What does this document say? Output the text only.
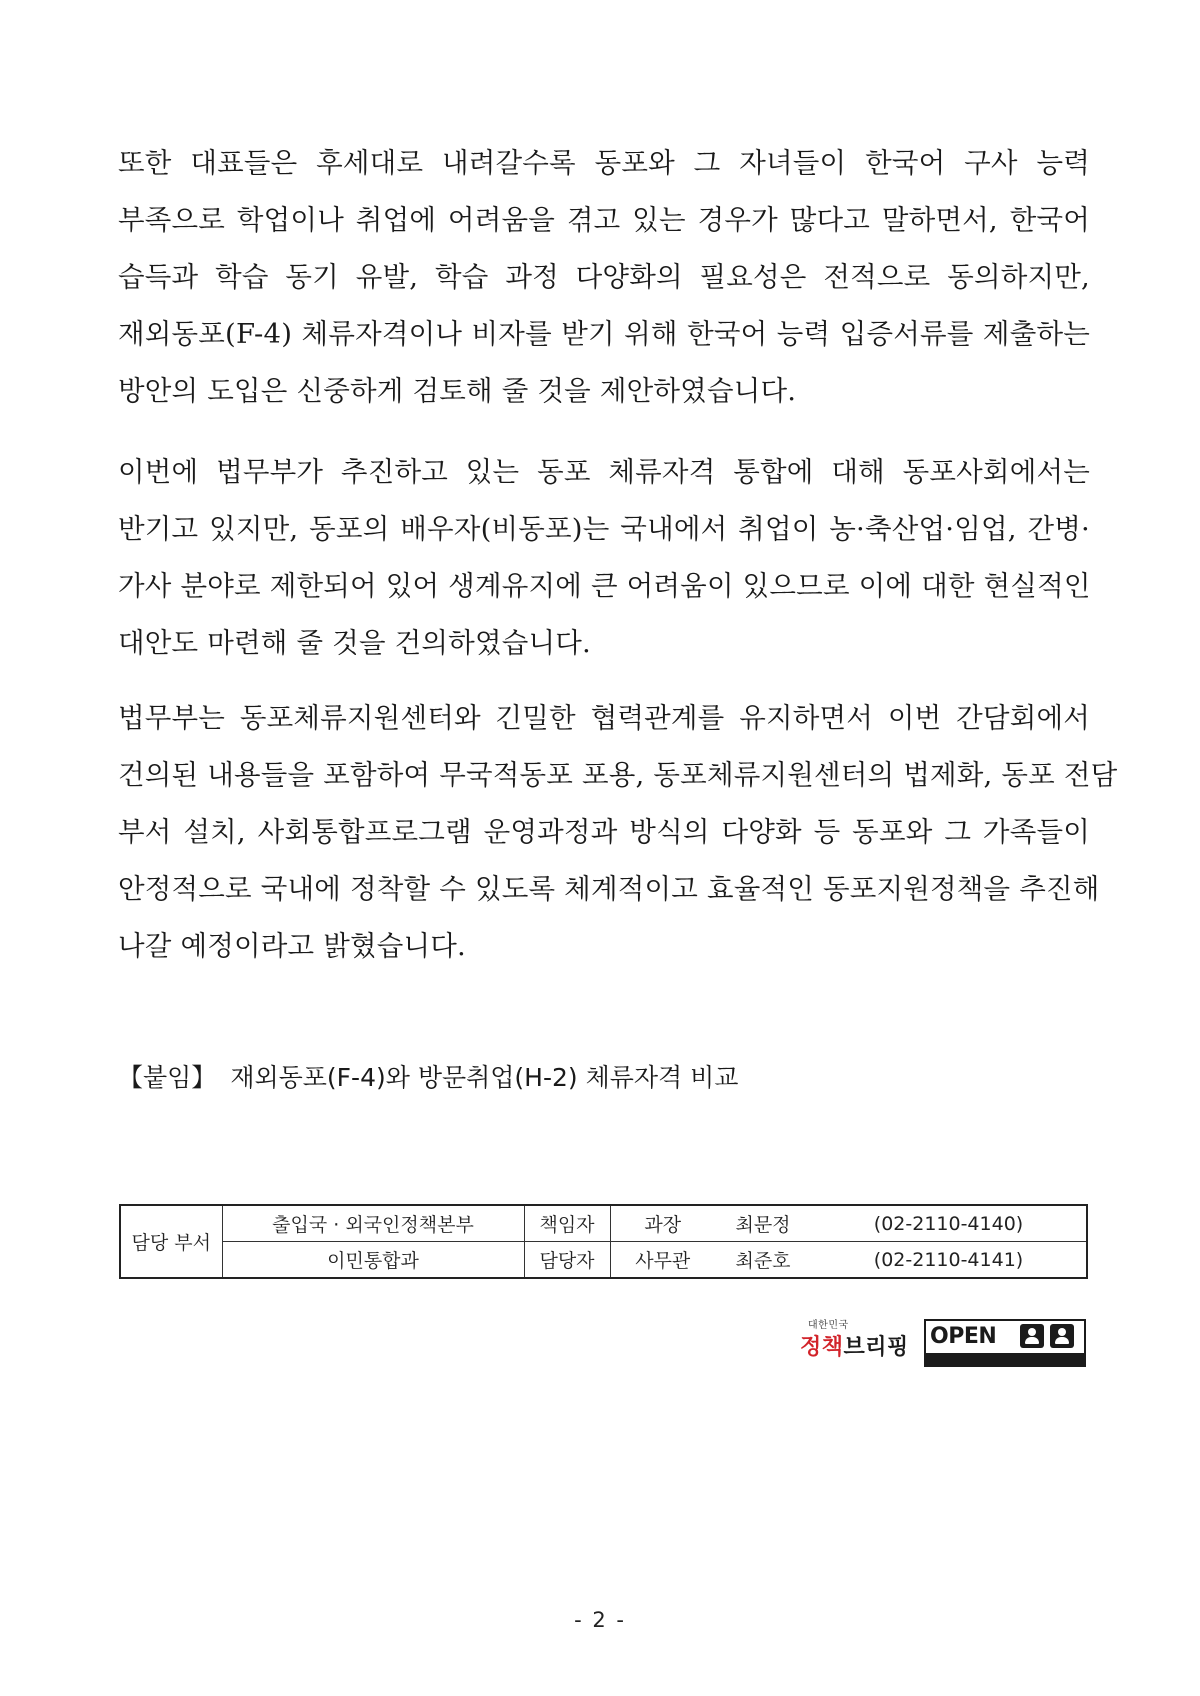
또한 대표들은 후세대로 내려갈수록 동포와 그 자녀들이 한국어 구사 능력
부족으로 학업이나 취업에 어려움을 겪고 있는 경우가 많다고 말하면서, 한국어
습득과 학습 동기 유발, 학습 과정 다양화의 필요성은 전적으로 동의하지만,
재외동포(F-4) 체류자격이나 비자를 받기 위해 한국어 능력 입증서류를 제출하는
방안의 도입은 신중하게 검토해 줄 것을 제안하였습니다.
이번에 법무부가 추진하고 있는 동포 체류자격 통합에 대해 동포사회에서는
반기고 있지만, 동포의 배우자(비동포)는 국내에서 취업이 농·축산업·임업, 간병·
가사 분야로 제한되어 있어 생계유지에 큰 어려움이 있으므로 이에 대한 현실적인
대안도 마련해 줄 것을 건의하였습니다.
법무부는 동포체류지원센터와 긴밀한 협력관계를 유지하면서 이번 간담회에서
건의된 내용들을 포함하여 무국적동포 포용, 동포체류지원센터의 법제화, 동포 전담
부서 설치, 사회통합프로그램 운영과정과 방식의 다양화 등 동포와 그 가족들이
안정적으로 국내에 정착할 수 있도록 체계적이고 효율적인 동포지원정책을 추진해
나갈 예정이라고 밝혔습니다.
【붙임】 재외동포(F-4)와 방문취업(H-2) 체류자격 비교
담당 부서	출입국 · 외국인정책본부	책임자	과장	최문정	(02-2110-4140)
	이민통합과	담당자	사무관	최준호	(02-2110-4141)
대한민국
정책브리핑 OPEN
- 2 -
